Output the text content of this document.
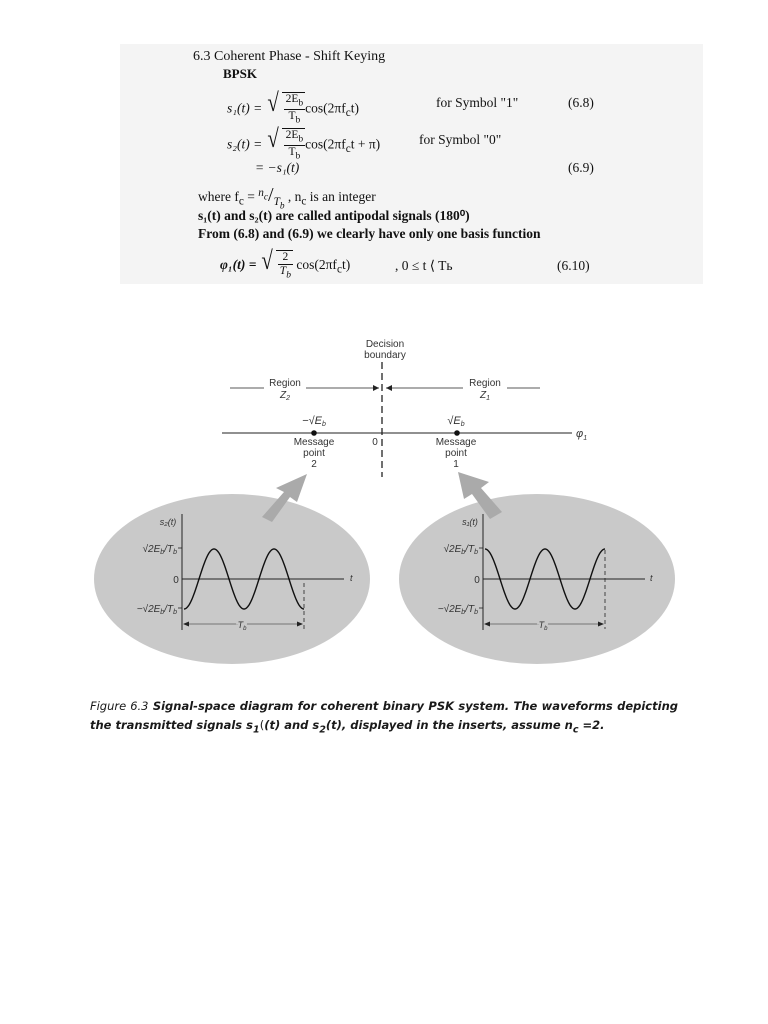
6.3 Coherent Phase - Shift Keying
BPSK
s₁(t) = √ $\frac{2E_b}{T_b} \cos(2\pi f_ct)$	for Symbol "1"	(6.8)
s₂(t) = √ $\frac{2E_b}{T_b} \cos(2\pi f_ct + \pi)$	for Symbol "0"
= −s₁(t)	(6.9)
where $f_c = ^{n_c}/_{T_b}$ , $n_c$ is an integer
s₁(t) and s₂(t) are called antipodal signals (180⁰)
From (6.8) and (6.9) we clearly have only one basis function
φ₁(t) = √ $\frac{2}{T_b} \cos(2\pi f_ct)$	, 0 ≤ t ⟨ Tь	(6.10)
Decision
boundary
Region
$Z_2$
Region
$Z_1$
$\varphi_1$
−√Eb	√Eb
Message
point
2
Message
point
1
0
$T_b$
s₂(t)
$√2E_b/T_b$
0
$-√2E_b/T_b$
t
$T_b$
s₁(t)
$√2E_b/T_b$
0
$-√2E_b/T_b$
t
Figure 6.3 Signal-space diagram for coherent binary PSK system. The waveforms depicting the transmitted signals $s_1((t)$ and $s_2(t)$, displayed in the inserts, assume $n_c =2$.
